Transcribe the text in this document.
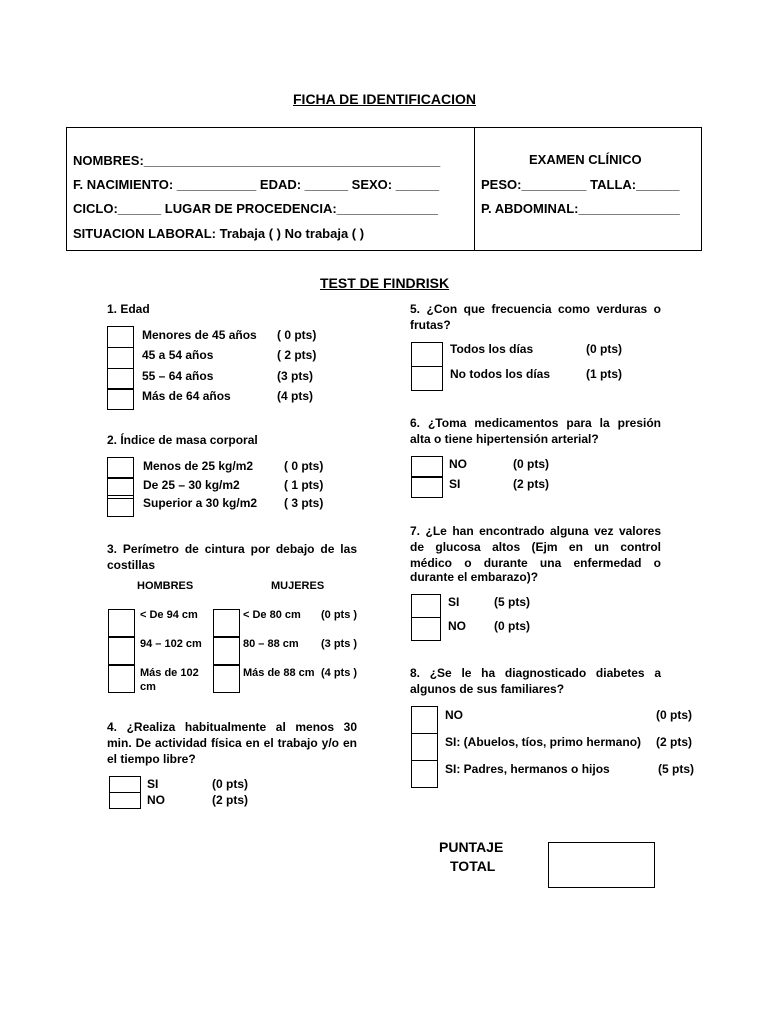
FICHA DE IDENTIFICACION
NOMBRES:_________________________________________
F. NACIMIENTO: ___________ EDAD: ______ SEXO: ______
CICLO:______ LUGAR DE PROCEDENCIA:______________
SITUACION LABORAL: Trabaja ( ) No trabaja ( )
EXAMEN CLÍNICO
PESO:_________ TALLA:______
P. ABDOMINAL:______________
TEST DE FINDRISK
1. Edad
Menores de 45 años
45 a 54 años
55 – 64 años
Más de 64 años
( 0 pts)
( 2 pts)
(3 pts)
(4 pts)
2. Índice de masa corporal
Menos de 25 kg/m2
De 25 – 30 kg/m2
Superior a 30 kg/m2
( 0 pts)
( 1 pts)
( 3 pts)
3. Perímetro de cintura por debajo de las
costillas
HOMBRES	MUJERES
< De 94 cm
94 – 102 cm
Más de 102
cm
< De 80 cm
80 – 88 cm
Más de 88 cm
(0 pts )
(3 pts )
(4 pts )
4. ¿Realiza habitualmente al menos 30
min. De actividad física en el trabajo y/o en
el tiempo libre?
SI
NO
(0 pts)
(2 pts)
5. ¿Con que frecuencia como verduras o
frutas?
Todos los días
No todos los días
(0 pts)
(1 pts)
6. ¿Toma medicamentos para la presión
alta o tiene hipertensión arterial?
NO
SI
(0 pts)
(2 pts)
7. ¿Le han encontrado alguna vez valores
de glucosa altos (Ejm en un control
médico o durante una enfermedad o
durante el embarazo)?
SI
NO
(5 pts)
(0 pts)
8. ¿Se le ha diagnosticado diabetes a
algunos de sus familiares?
NO
SI: (Abuelos, tíos, primo hermano)
SI: Padres, hermanos o hijos
(0 pts)
(2 pts)
(5 pts)
PUNTAJE
TOTAL
